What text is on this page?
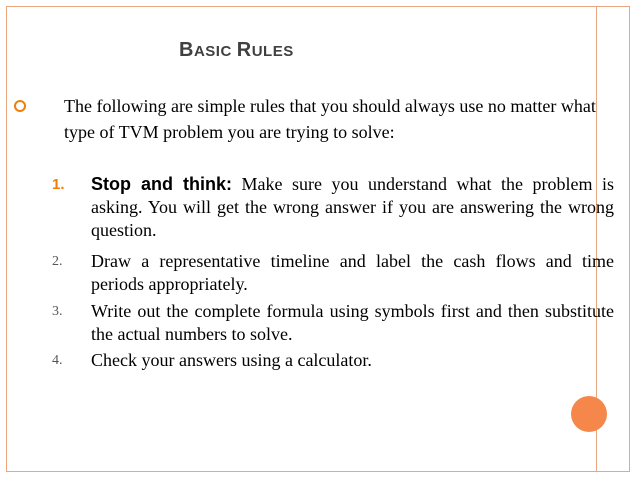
BASIC RULES
The following are simple rules that you should always use no matter what type of TVM problem you are trying to solve:
1.	Stop and think: Make sure you understand what the problem is asking. You will get the wrong answer if you are answering the wrong question.
2.	Draw a representative timeline and label the cash flows and time periods appropriately.
3.	Write out the complete formula using symbols first and then substitute the actual numbers to solve.
4.	Check your answers using a calculator.
